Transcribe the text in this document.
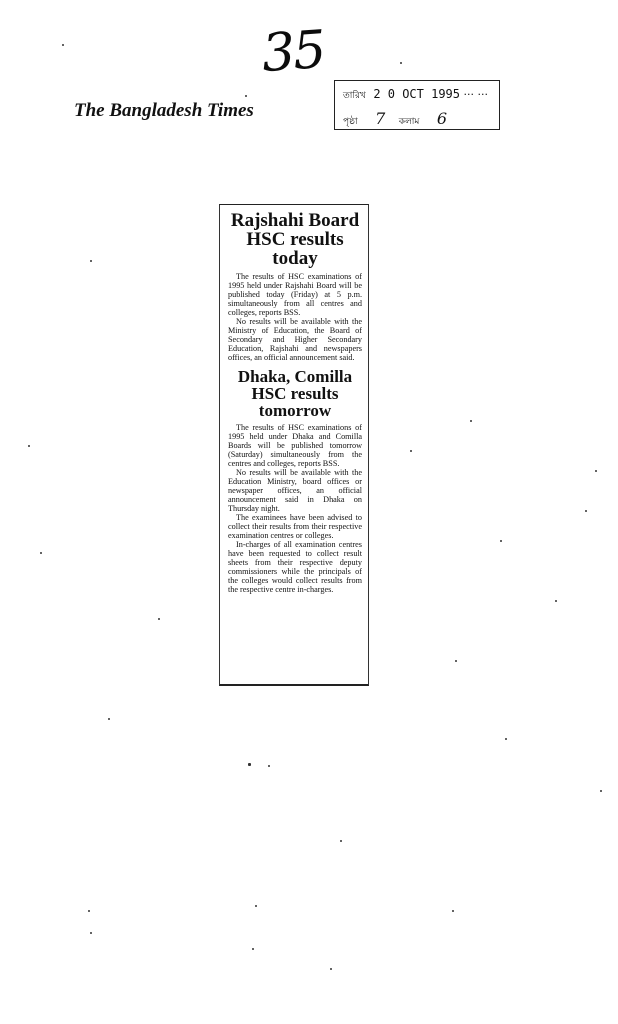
35
The Bangladesh Times
তারিখ 2 0 OCT 1995 ··· ···
পৃষ্ঠা 7 কলাম 6
Rajshahi Board HSC results today

The results of HSC examinations of 1995 held under Rajshahi Board will be published today (Friday) at 5 p.m. simultaneously from all centres and colleges, reports BSS.

No results will be available with the Ministry of Education, the Board of Secondary and Higher Secondary Education, Rajshahi and newspapers offices, an official announcement said.

Dhaka, Comilla HSC results tomorrow

The results of HSC examinations of 1995 held under Dhaka and Comilla Boards will be published tomorrow (Saturday) simultaneously from the centres and colleges, reports BSS.

No results will be available with the Education Ministry, board offices or newspaper offices, an official announcement said in Dhaka on Thursday night.

The examinees have been advised to collect their results from their respective examination centres or colleges.

In-charges of all examination centres have been requested to collect result sheets from their respective deputy commissioners while the principals of the colleges would collect results from the respective centre in-charges.
